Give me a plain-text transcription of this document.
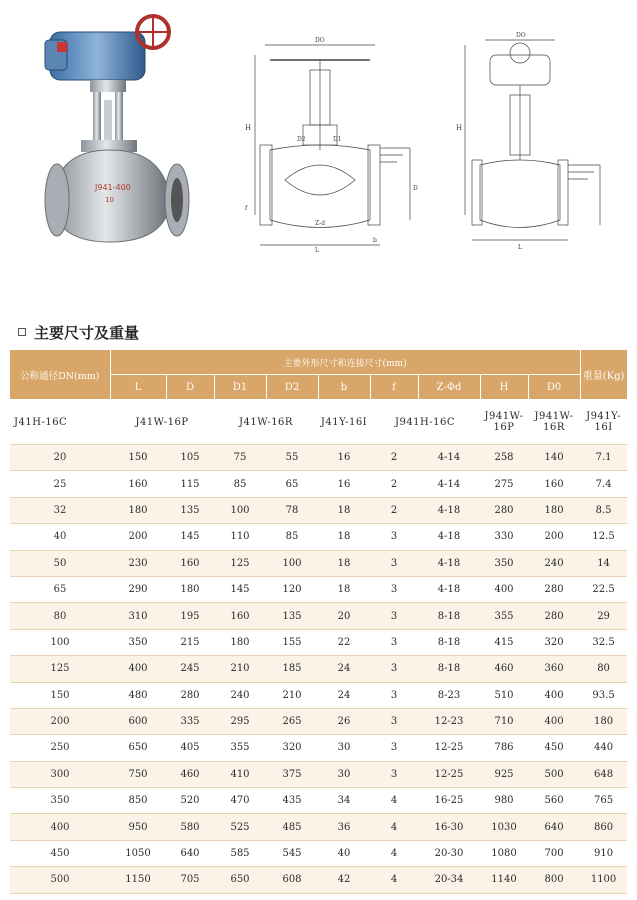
J941-400
10
DO
H
D2	D1
D
Z-d
b
f
L
DO
H
L
主要尺寸及重量
公称通径DN(mm)	主要外形尺寸和连接尺寸(mm)									重量(Kg)
	L	D	D1	D2	b	f	Z-Φd	H	D0	
J41H-16C	J41W-16P		J41W-16R		J41Y-16I	J941H-16C		J941W-16P	J941W-16R	J941Y-16I
20	150	105	75	55	16	2	4-14	258	140	7.1
25	160	115	85	65	16	2	4-14	275	160	7.4
32	180	135	100	78	18	2	4-18	280	180	8.5
40	200	145	110	85	18	3	4-18	330	200	12.5
50	230	160	125	100	18	3	4-18	350	240	14
65	290	180	145	120	18	3	4-18	400	280	22.5
80	310	195	160	135	20	3	8-18	355	280	29
100	350	215	180	155	22	3	8-18	415	320	32.5
125	400	245	210	185	24	3	8-18	460	360	80
150	480	280	240	210	24	3	8-23	510	400	93.5
200	600	335	295	265	26	3	12-23	710	400	180
250	650	405	355	320	30	3	12-25	786	450	440
300	750	460	410	375	30	3	12-25	925	500	648
350	850	520	470	435	34	4	16-25	980	560	765
400	950	580	525	485	36	4	16-30	1030	640	860
450	1050	640	585	545	40	4	20-30	1080	700	910
500	1150	705	650	608	42	4	20-34	1140	800	1100
